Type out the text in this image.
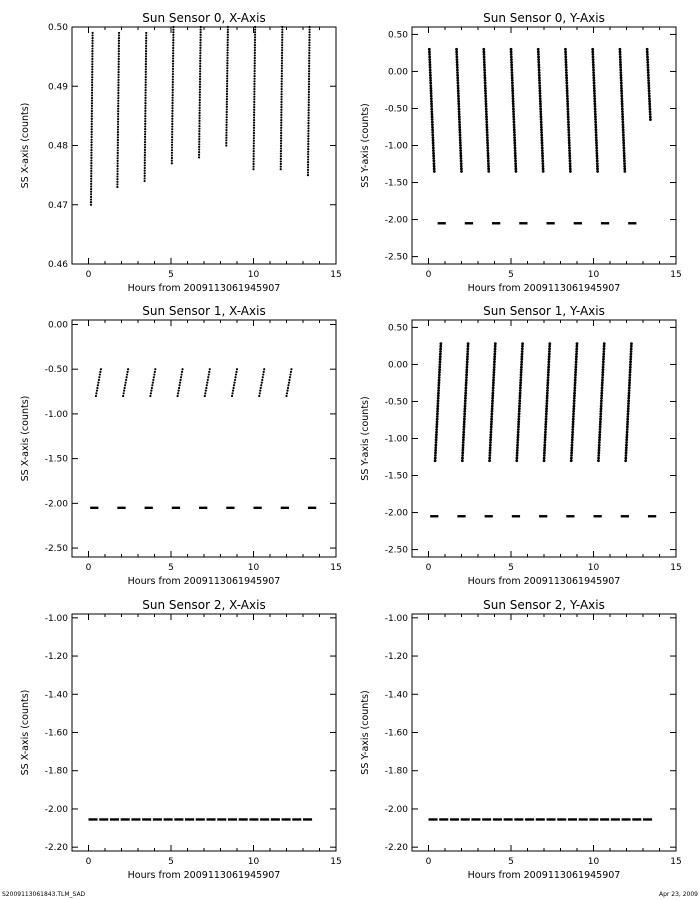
Sun Sensor 0, X-Axis
0	5	10	15
0.46
0.47
0.48
0.49
0.50
Hours from 2009113061945907
SS X-axis (counts)
Sun Sensor 0, Y-Axis
0	5	10	15
0.50
0.00
-0.50
-1.00
-1.50
-2.00
-2.50
Hours from 2009113061945907
SS Y-axis (counts)
Sun Sensor 1, X-Axis
0	5	10	15
0.00
-0.50
-1.00
-1.50
-2.00
-2.50
Hours from 2009113061945907
SS X-axis (counts)
Sun Sensor 1, Y-Axis
0	5	10	15
0.50
0.00
-0.50
-1.00
-1.50
-2.00
-2.50
Hours from 2009113061945907
SS Y-axis (counts)
Sun Sensor 2, X-Axis
0	5	10	15
-1.00
-1.20
-1.40
-1.60
-1.80
-2.00
-2.20
Hours from 2009113061945907
SS X-axis (counts)
Sun Sensor 2, Y-Axis
0	5	10	15
-1.00
-1.20
-1.40
-1.60
-1.80
-2.00
-2.20
Hours from 2009113061945907
SS Y-axis (counts)
S2009113061843.TLM_SAD	Apr 23, 2009
